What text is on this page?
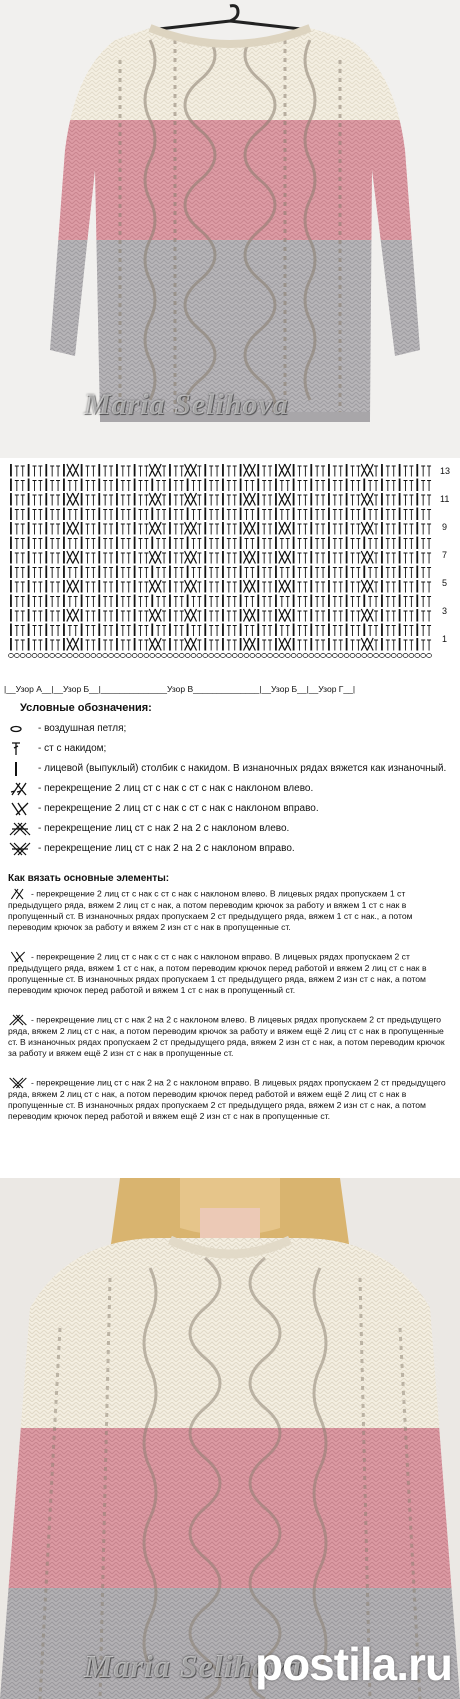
Maria Selihova
13
11
9
7
5
3
1
|__Узор А__|__Узор Б__|______________Узор В______________|__Узор Б__|__Узор Г__|
Условные обозначения:
- воздушная петля;
- ст с накидом;
- лицевой (выпуклый) столбик с накидом. В изнаночных рядах вяжется как изнаночный.
- перекрещение 2 лиц ст с нак с ст с нак с наклоном влево.
- перекрещение 2 лиц ст с нак с ст с нак с наклоном вправо.
- перекрещение лиц ст с нак 2 на 2 с наклоном влево.
- перекрещение лиц ст с нак 2 на 2 с наклоном вправо.
Как вязать основные элементы:
- перекрещение 2 лиц ст с нак с ст с нак с наклоном влево. В лицевых рядах пропускаем 1 ст предыдущего ряда, вяжем 2 лиц ст с нак, а потом переводим крючок за работу и вяжем 1 ст с нак в пропущенный ст. В изнаночных рядах пропускаем 2 ст предыдущего ряда, вяжем 1 ст с нак., а потом переводим крючок за работу и вяжем 2 изн ст с нак в пропущенные ст.
- перекрещение 2 лиц ст с нак с ст с нак с наклоном вправо. В лицевых рядах пропускаем 2 ст предыдущего ряда, вяжем 1 ст с нак, а потом переводим крючок перед работой и вяжем 2 лиц ст с нак в пропущенные ст. В изнаночных рядах пропускаем 1 ст предыдущего ряда, вяжем 2 изн ст с нак, а потом переводим крючок перед работой и вяжем 1 ст с нак в пропущенный ст.
- перекрещение лиц ст с нак 2 на 2 с наклоном влево. В лицевых рядах пропускаем 2 ст предыдущего ряда, вяжем 2 лиц ст с нак, а потом переводим крючок за работу и вяжем ещё 2 лиц ст с нак в пропущенные ст. В изнаночных рядах пропускаем 2 ст предыдущего ряда, вяжем 2 изн ст с нак, а потом переводим крючок за работу и вяжем ещё 2 изн ст с нак в пропущенные ст.
- перекрещение лиц ст с нак 2 на 2 с наклоном вправо. В лицевых рядах пропускаем 2 ст предыдущего ряда, вяжем 2 лиц ст с нак, а потом переводим крючок перед работой и вяжем ещё 2 лиц ст с нак в пропущенные ст. В изнаночных рядах пропускаем 2 ст предыдущего ряда, вяжем 2 изн ст с нак, а потом переводим крючок перед работой и вяжем ещё 2 изн ст с нак в пропущенные ст.
Maria Selihova
postila.ru
